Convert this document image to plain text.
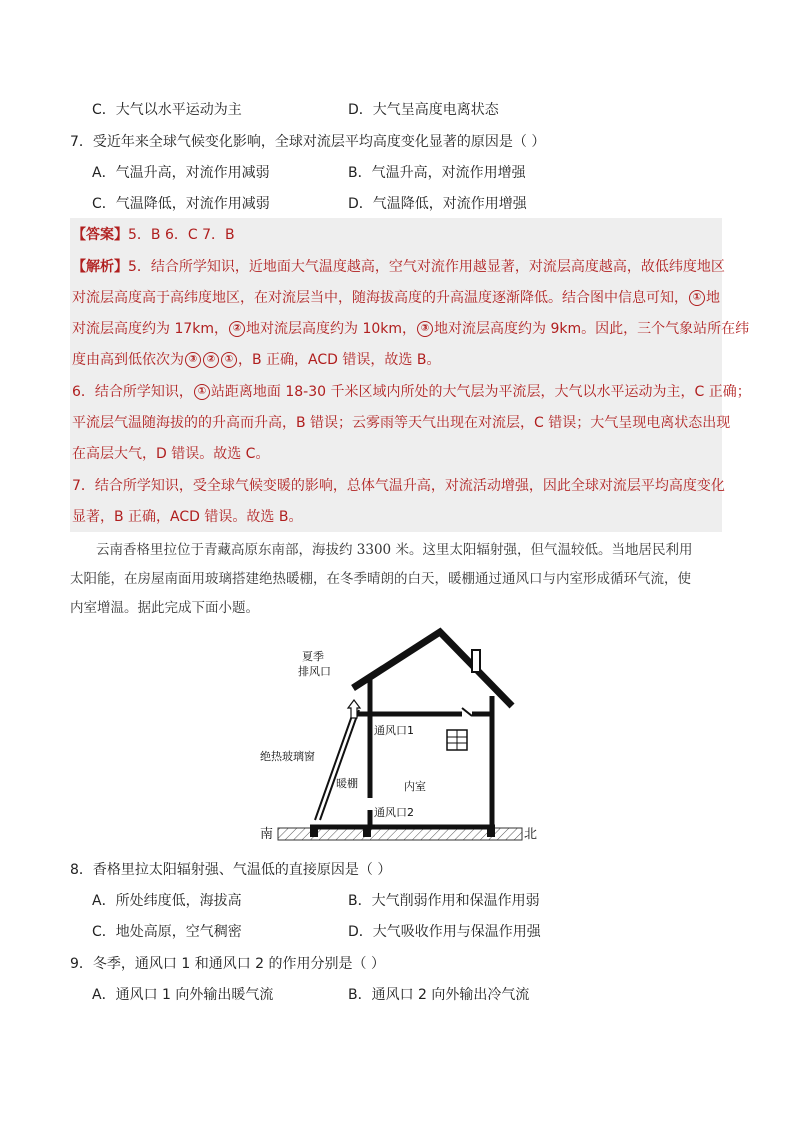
C．大气以水平运动为主	D．大气呈高度电离状态
7．受近年来全球气候变化影响，全球对流层平均高度变化显著的原因是（ ）
A．气温升高，对流作用减弱	B．气温升高，对流作用增强
C．气温降低，对流作用减弱	D．气温降低，对流作用增强
【答案】5．B 6．C 7．B
【解析】5．结合所学知识，近地面大气温度越高，空气对流作用越显著，对流层高度越高，故低纬度地区
对流层高度高于高纬度地区，在对流层当中，随海拔高度的升高温度逐渐降低。结合图中信息可知， ① 地
对流层高度约为 17km， ② 地对流层高度约为 10km， ③ 地对流层高度约为 9km。因此，三个气象站所在纬
度由高到低依次为 ③ ② ① ，B 正确，ACD 错误，故选 B。
6．结合所学知识， ① 站距离地面 18-30 千米区域内所处的大气层为平流层，大气以水平运动为主，C 正确；
平流层气温随海拔的的升高而升高，B 错误；云雾雨等天气出现在对流层，C 错误；大气呈现电离状态出现
在高层大气，D 错误。故选 C。
7．结合所学知识，受全球气候变暖的影响，总体气温升高，对流活动增强，因此全球对流层平均高度变化
显著，B 正确，ACD 错误。故选 B。
云南香格里拉位于青藏高原东南部，海拔约 3300 米。这里太阳辐射强，但气温较低。当地居民利用
太阳能，在房屋南面用玻璃搭建绝热暖棚，在冬季晴朗的白天，暖棚通过通风口与内室形成循环气流，使
内室增温。据此完成下面小题。
夏季
排风口
通风口1
绝热玻璃窗
暖棚	内室
通风口2
南	北
8．香格里拉太阳辐射强、气温低的直接原因是（ ）
A．所处纬度低，海拔高	B．大气削弱作用和保温作用弱
C．地处高原，空气稠密	D．大气吸收作用与保温作用强
9．冬季，通风口 1 和通风口 2 的作用分别是（ ）
A．通风口 1 向外输出暖气流	B．通风口 2 向外输出冷气流
